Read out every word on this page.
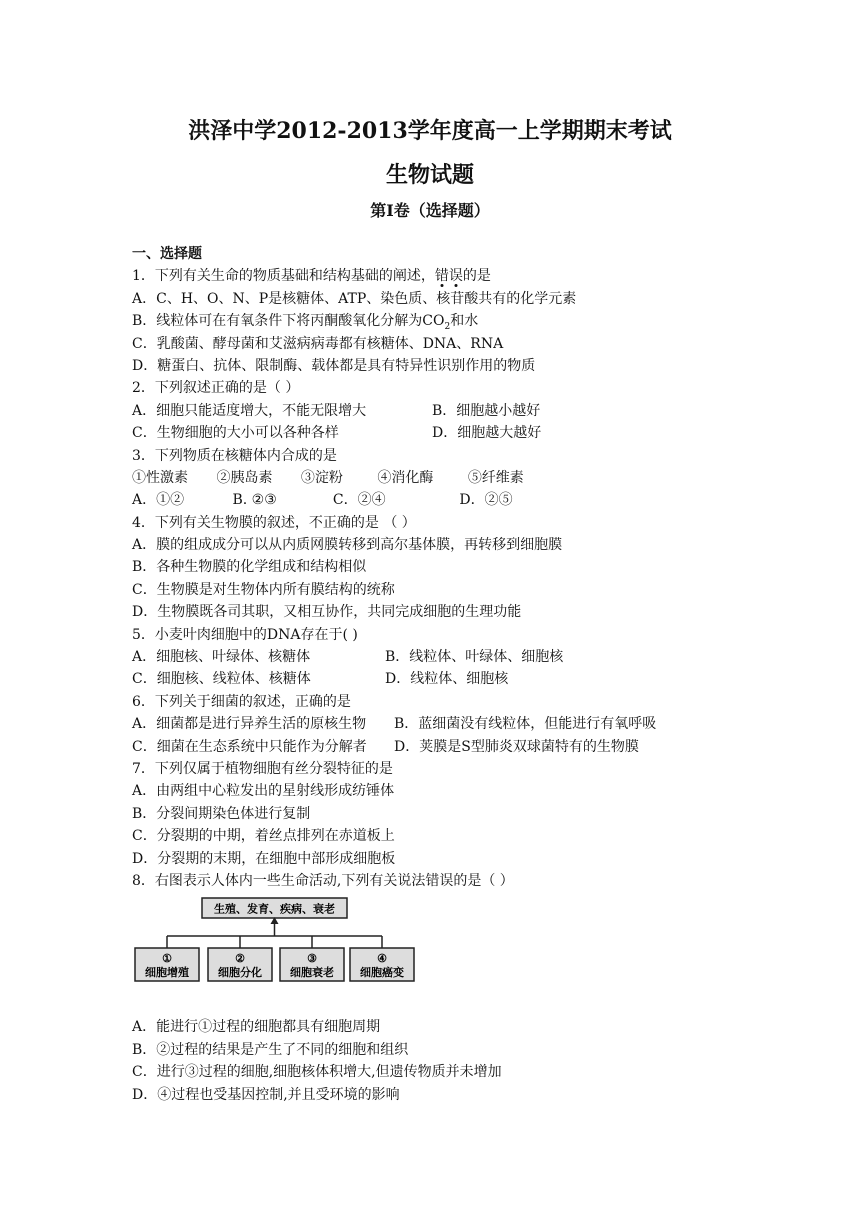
洪泽中学2012-2013学年度高一上学期期末考试
生物试题
第I卷（选择题）
一、选择题
1．下列有关生命的物质基础和结构基础的阐述，错误的是
A．C、H、O、N、P是核糖体、ATP、染色质、核苷酸共有的化学元素
B．线粒体可在有氧条件下将丙酮酸氧化分解为$CO_2$和水
C．乳酸菌、酵母菌和艾滋病病毒都有核糖体、DNA、RNA
D．糖蛋白、抗体、限制酶、载体都是具有特异性识别作用的物质
2．下列叙述正确的是（ ）
A．细胞只能适度增大，不能无限增大	B．细胞越小越好
C．生物细胞的大小可以各种各样	D．细胞越大越好
3．下列物质在核糖体内合成的是
①性激素 ②胰岛素 ③淀粉 ④消化酶 ⑤纤维素
A．①②	B. ②③	C．②④	D．②⑤
4．下列有关生物膜的叙述，不正确的是 （ ）
A．膜的组成成分可以从内质网膜转移到高尔基体膜，再转移到细胞膜
B．各种生物膜的化学组成和结构相似
C．生物膜是对生物体内所有膜结构的统称
D．生物膜既各司其职，又相互协作，共同完成细胞的生理功能
5．小麦叶肉细胞中的DNA存在于( )
A．细胞核、叶绿体、核糖体	B．线粒体、叶绿体、细胞核
C．细胞核、线粒体、核糖体	D．线粒体、细胞核
6．下列关于细菌的叙述，正确的是
A．细菌都是进行异养生活的原核生物	B．蓝细菌没有线粒体，但能进行有氧呼吸
C．细菌在生态系统中只能作为分解者	D．荚膜是S型肺炎双球菌特有的生物膜
7．下列仅属于植物细胞有丝分裂特征的是
A．由两组中心粒发出的星射线形成纺锤体
B．分裂间期染色体进行复制
C．分裂期的中期，着丝点排列在赤道板上
D．分裂期的末期，在细胞中部形成细胞板
8．右图表示人体内一些生命活动,下列有关说法错误的是（ ）
生殖、发育、疾病、衰老
①
细胞增殖
②
细胞分化
③
细胞衰老
④
细胞癌变
A．能进行①过程的细胞都具有细胞周期
B．②过程的结果是产生了不同的细胞和组织
C．进行③过程的细胞,细胞核体积增大,但遗传物质并未增加
D．④过程也受基因控制,并且受环境的影响
